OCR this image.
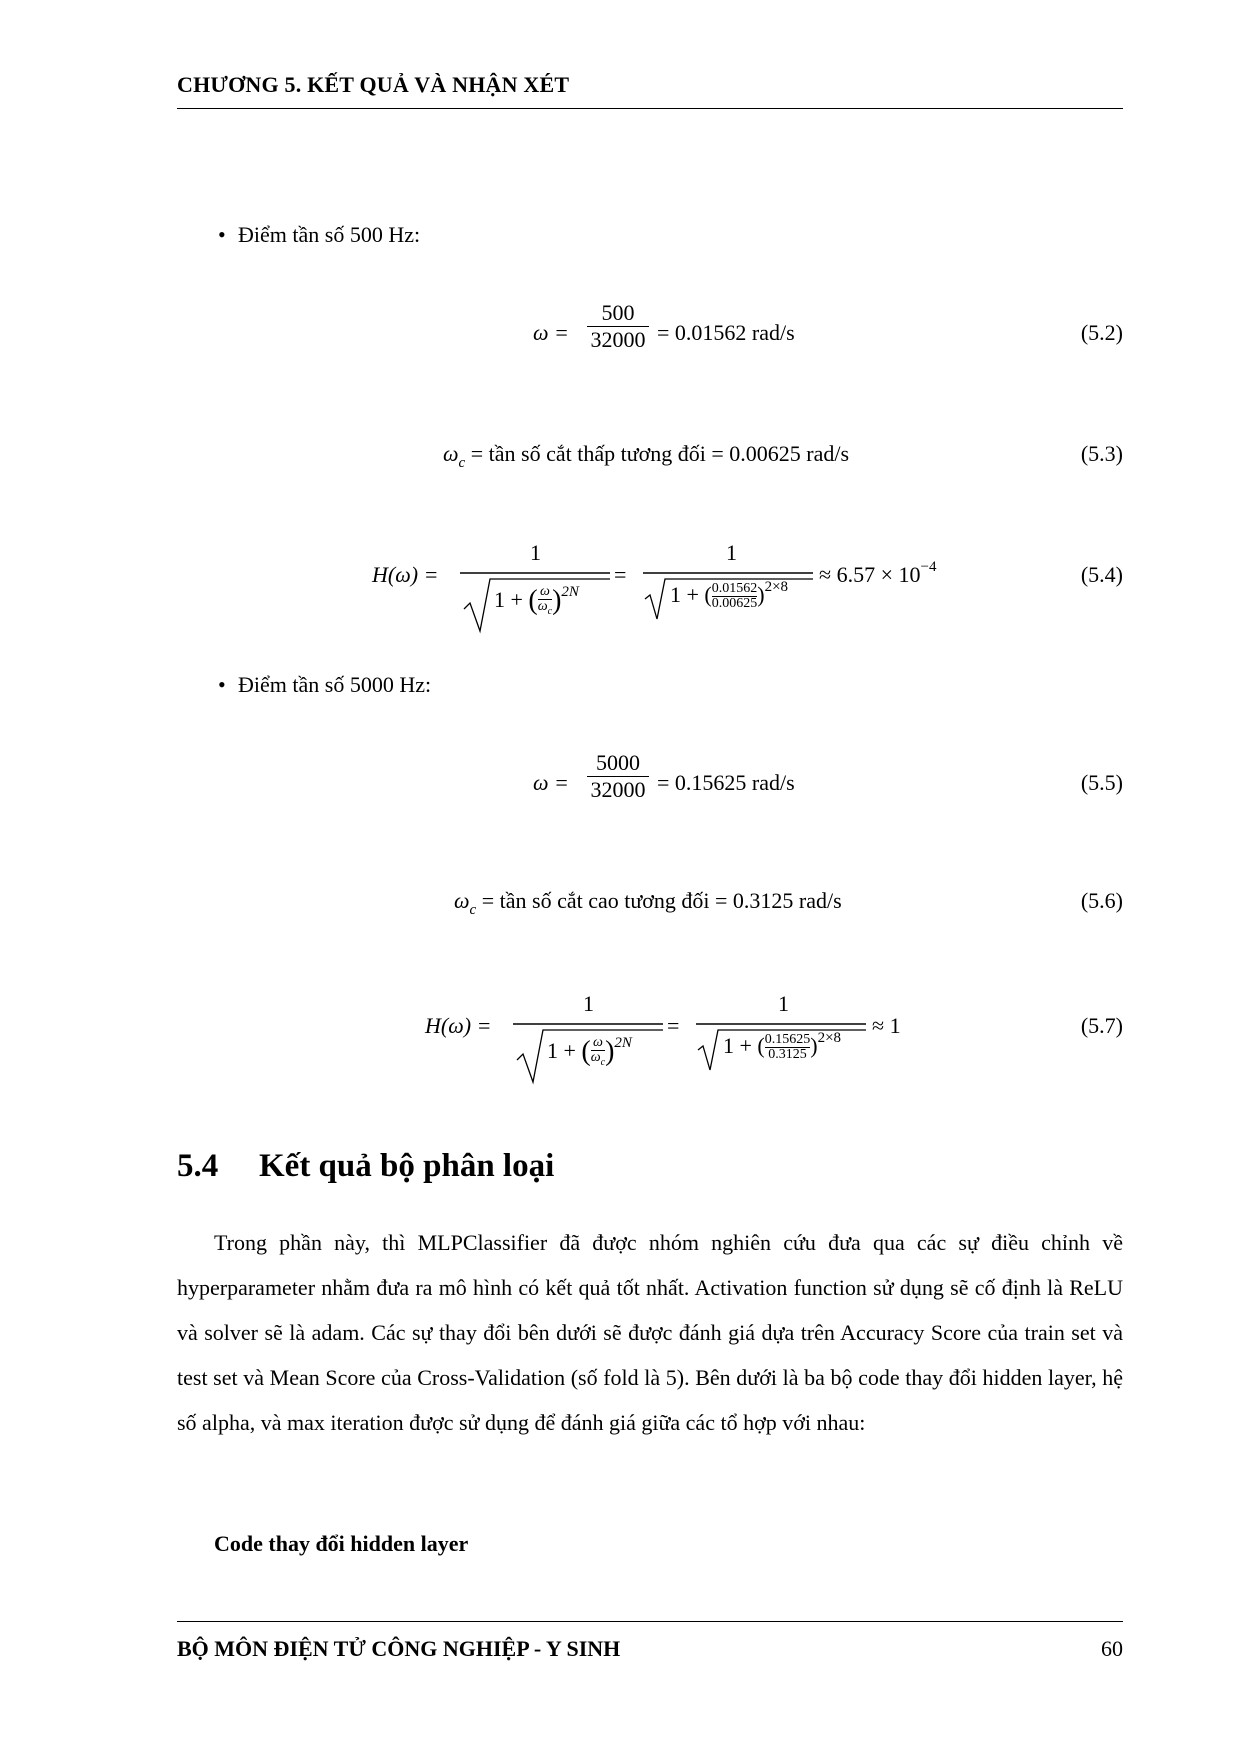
CHƯƠNG 5. KẾT QUẢ VÀ NHẬN XÉT
• Điểm tần số 500 Hz:
ω =
500
32000 = 0.01562 rad/s	(5.2)
$\omega_c$ = tần số cắt thấp tương đối = 0.00625 rad/s	(5.3)
H(ω) =
1
1 + ( $\frac{\omega}{\omega_c} )^{2N}$
=
1
1 + ( $\frac{0.01562}{0.00625} )^{2\times 8} \approx 6.57 \times 10^{-4}$	(5.4)
• Điểm tần số 5000 Hz:
ω =
5000
32000 = 0.15625 rad/s	(5.5)
$\omega_c$ = tần số cắt cao tương đối = 0.3125 rad/s	(5.6)
H(ω) =
1
1 + ( $\frac{\omega}{\omega_c} )^{2N}$
=
1
1 + ( $\frac{0.15625}{0.3125} )^{2\times 8} \approx 1$	(5.7)
5.4 Kết quả bộ phân loại

Trong phần này, thì MLPClassifier đã được nhóm nghiên cứu đưa qua các sự điều chỉnh về hyperparameter nhằm đưa ra mô hình có kết quả tốt nhất. Activation function sử dụng sẽ cố định là ReLU và solver sẽ là adam. Các sự thay đổi bên dưới sẽ được đánh giá dựa trên Accuracy Score của train set và test set và Mean Score của Cross-Validation (số fold là 5). Bên dưới là ba bộ code thay đổi hidden layer, hệ số alpha, và max iteration được sử dụng để đánh giá giữa các tổ hợp với nhau:

Code thay đổi hidden layer
BỘ MÔN ĐIỆN TỬ CÔNG NGHIỆP - Y SINH	60
